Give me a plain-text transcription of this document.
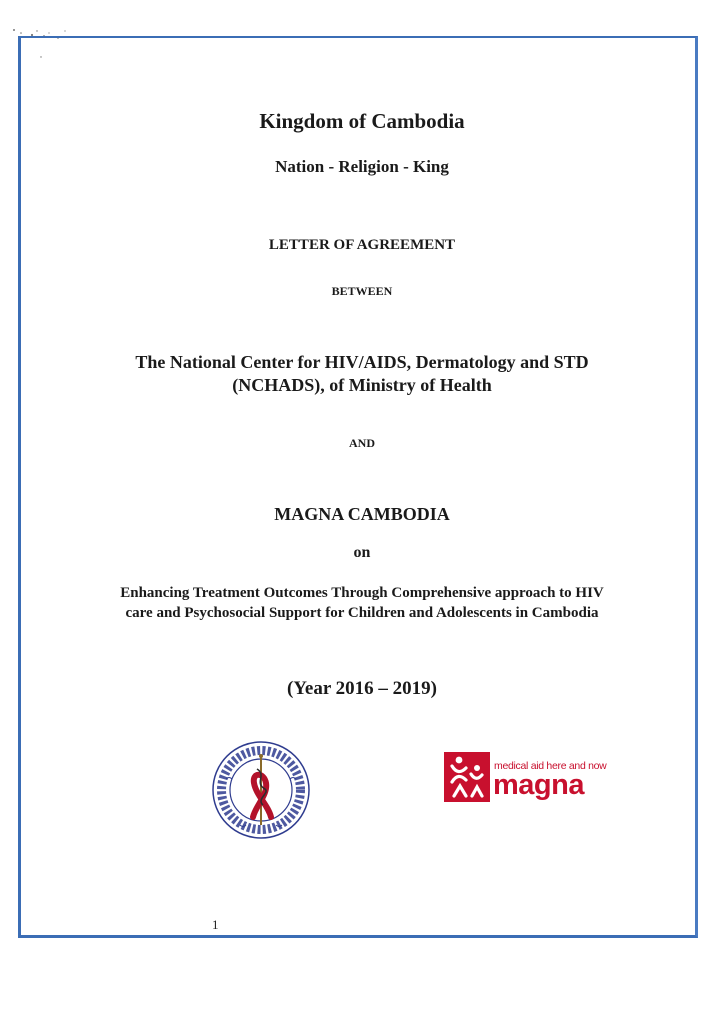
Kingdom of Cambodia
Nation - Religion - King
LETTER OF AGREEMENT
BETWEEN
The National Center for HIV/AIDS, Dermatology and STD
(NCHADS), of Ministry of Health
AND
MAGNA CAMBODIA
on
Enhancing Treatment Outcomes Through Comprehensive approach to HIV
care and Psychosocial Support for Children and Adolescents in Cambodia
(Year 2016 – 2019)
medical aid here and now
magna
1
